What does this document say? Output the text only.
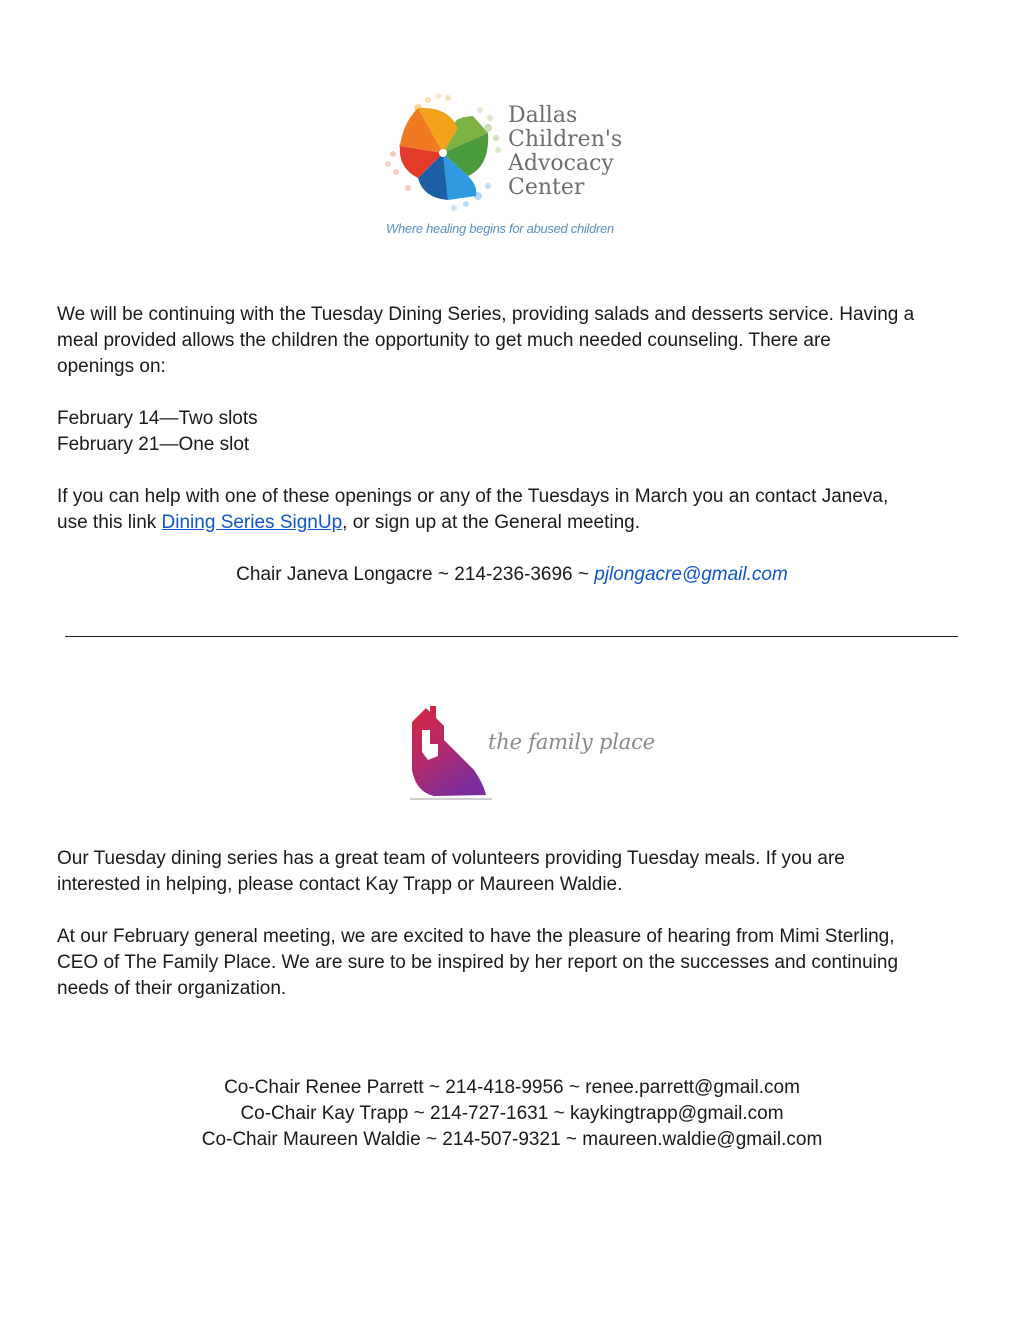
Dallas
Children's
Advocacy
Center
Where healing begins for abused children

We will be continuing with the Tuesday Dining Series, providing salads and desserts service. Having a
meal provided allows the children the opportunity to get much needed counseling. There are
openings on:

February 14—Two slots
February 21—One slot

If you can help with one of these openings or any of the Tuesdays in March you an contact Janeva,
use this link Dining Series SignUp, or sign up at the General meeting.

Chair Janeva Longacre ~ 214-236-3696 ~ pjlongacre@gmail.com
the family place

Our Tuesday dining series has a great team of volunteers providing Tuesday meals. If you are
interested in helping, please contact Kay Trapp or Maureen Waldie.

At our February general meeting, we are excited to have the pleasure of hearing from Mimi Sterling,
CEO of The Family Place. We are sure to be inspired by her report on the successes and continuing
needs of their organization.

Co-Chair Renee Parrett ~ 214-418-9956 ~ renee.parrett@gmail.com
Co-Chair Kay Trapp ~ 214-727-1631 ~ kaykingtrapp@gmail.com
Co-Chair Maureen Waldie ~ 214-507-9321 ~ maureen.waldie@gmail.com
